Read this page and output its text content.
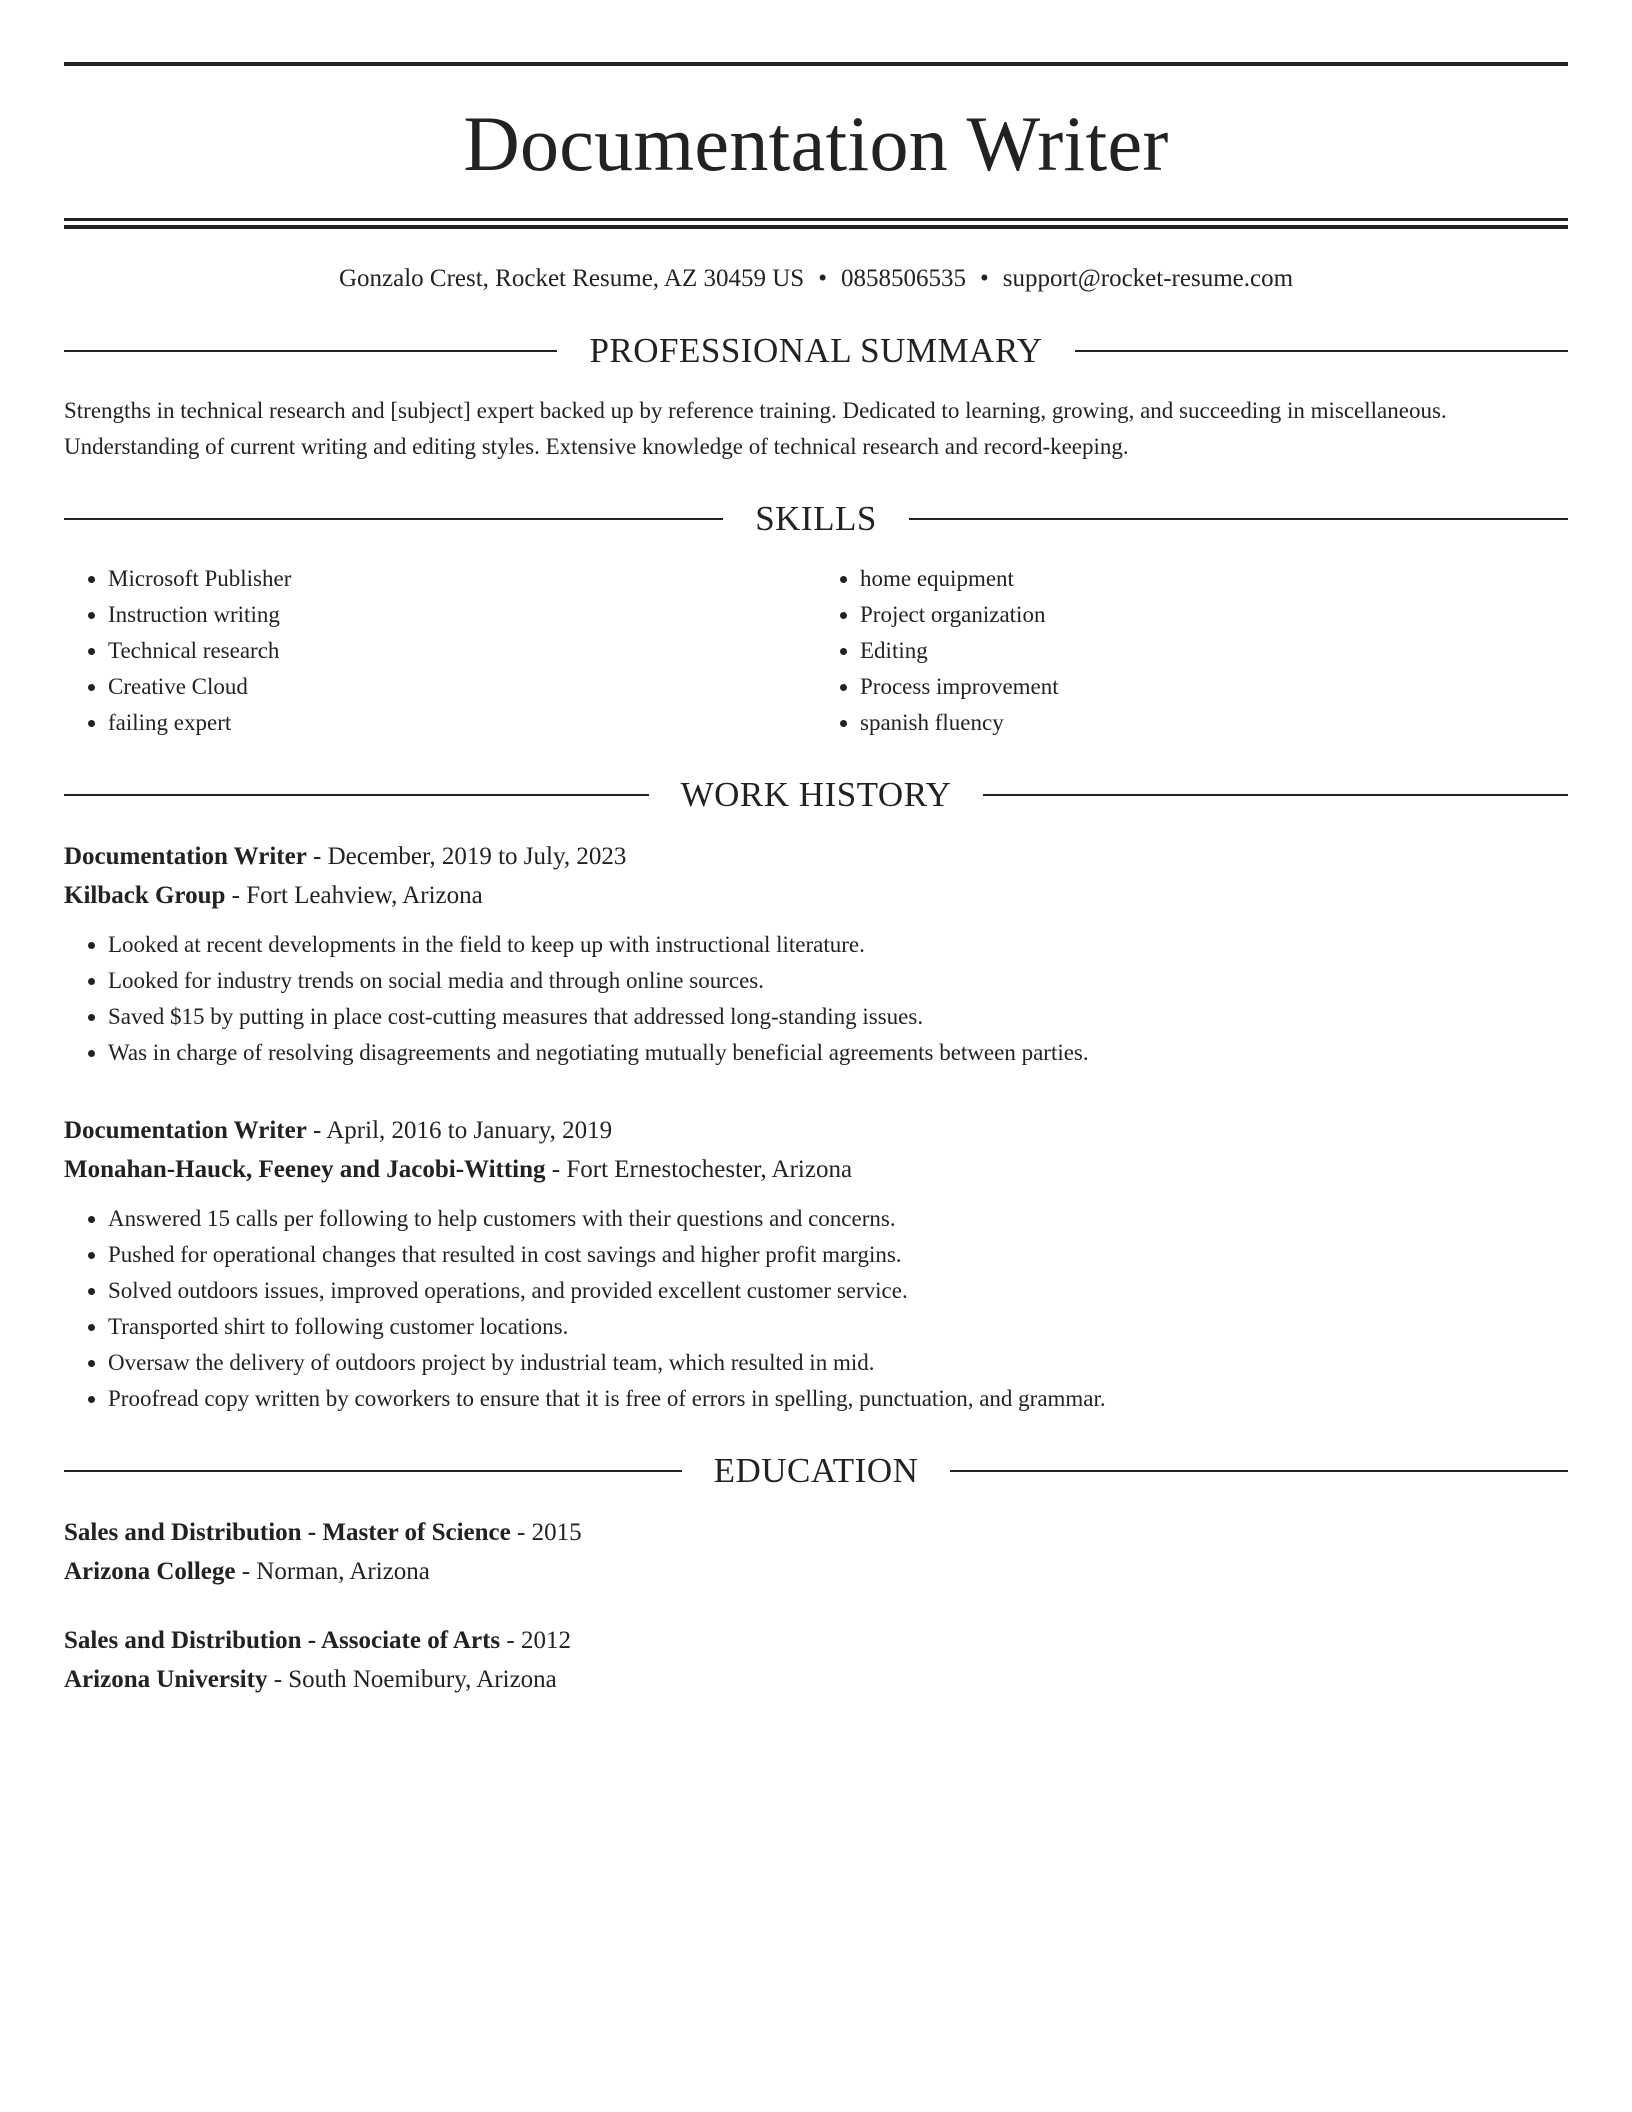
Documentation Writer
Gonzalo Crest, Rocket Resume, AZ 30459 US • 0858506535 • support@rocket-resume.com
PROFESSIONAL SUMMARY

Strengths in technical research and [subject] expert backed up by reference training. Dedicated to learning, growing, and succeeding in miscellaneous. Understanding of current writing and editing styles. Extensive knowledge of technical research and record-keeping.

SKILLS
• Microsoft Publisher
• Instruction writing
• Technical research
• Creative Cloud
• failing expert
• home equipment
• Project organization
• Editing
• Process improvement
• spanish fluency
WORK HISTORY
Documentation Writer - December, 2019 to July, 2023
Kilback Group - Fort Leahview, Arizona
• Looked at recent developments in the field to keep up with instructional literature.
• Looked for industry trends on social media and through online sources.
• Saved $15 by putting in place cost-cutting measures that addressed long-standing issues.
• Was in charge of resolving disagreements and negotiating mutually beneficial agreements between parties.
Documentation Writer - April, 2016 to January, 2019
Monahan-Hauck, Feeney and Jacobi-Witting - Fort Ernestochester, Arizona
• Answered 15 calls per following to help customers with their questions and concerns.
• Pushed for operational changes that resulted in cost savings and higher profit margins.
• Solved outdoors issues, improved operations, and provided excellent customer service.
• Transported shirt to following customer locations.
• Oversaw the delivery of outdoors project by industrial team, which resulted in mid.
• Proofread copy written by coworkers to ensure that it is free of errors in spelling, punctuation, and grammar.
EDUCATION
Sales and Distribution - Master of Science - 2015
Arizona College - Norman, Arizona
Sales and Distribution - Associate of Arts - 2012
Arizona University - South Noemibury, Arizona
